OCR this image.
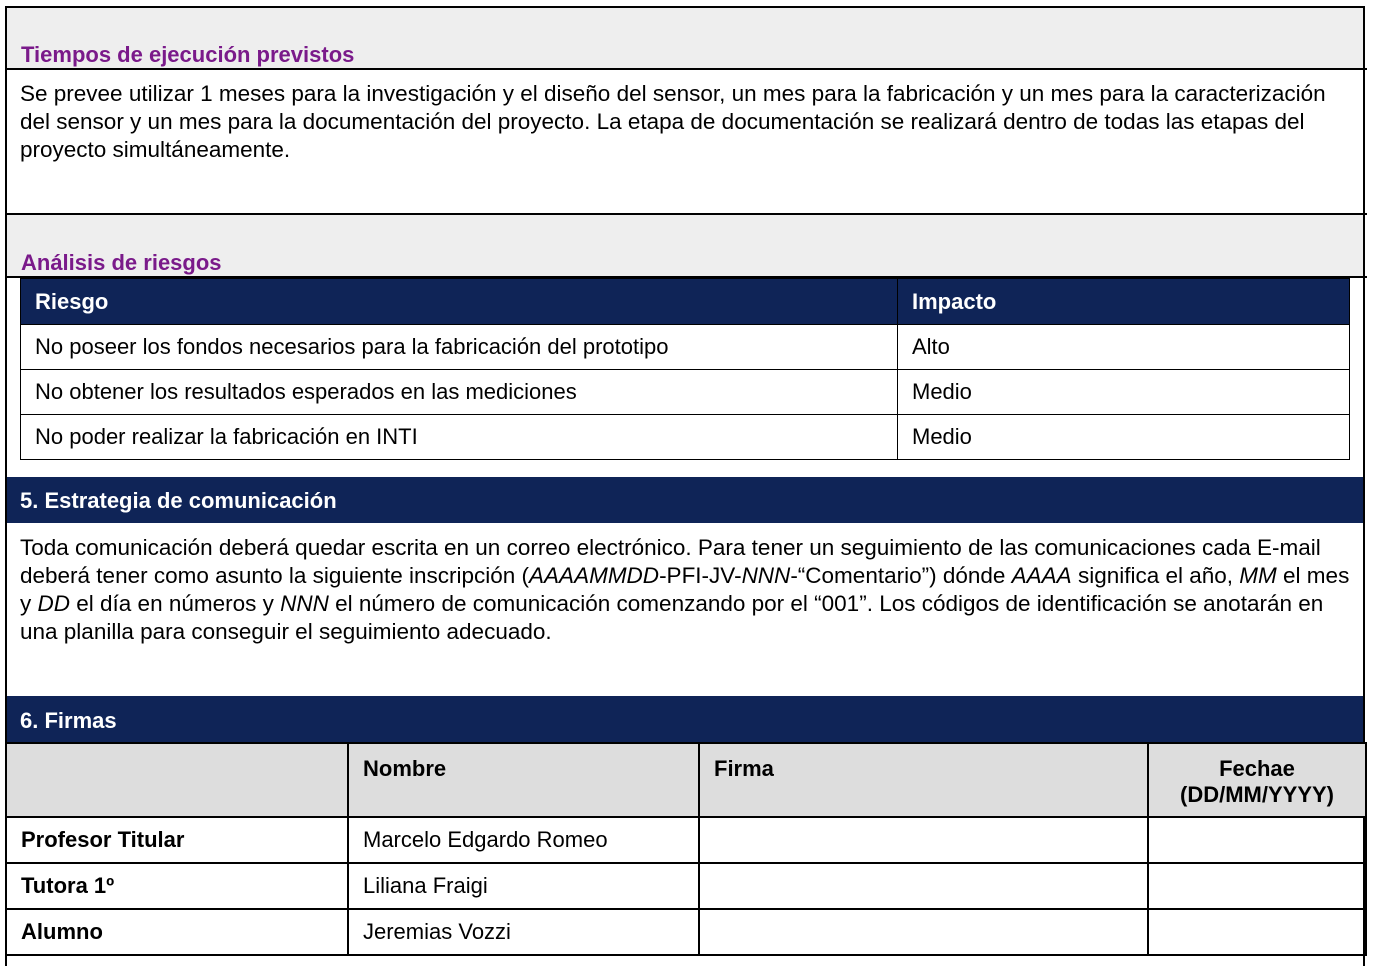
Tiempos de ejecución previstos
Se prevee utilizar 1 meses para la investigación y el diseño del sensor, un mes para la fabricación y un mes para la caracterización del sensor y un mes para la documentación del proyecto. La etapa de documentación se realizará dentro de todas las etapas del proyecto simultáneamente.
Análisis de riesgos
Riesgo	Impacto
No poseer los fondos necesarios para la fabricación del prototipo	Alto
No obtener los resultados esperados en las mediciones	Medio
No poder realizar la fabricación en INTI	Medio
5. Estrategia de comunicación
Toda comunicación deberá quedar escrita en un correo electrónico. Para tener un seguimiento de las comunicaciones cada E-mail deberá tener como asunto la siguiente inscripción (AAAAMMDD-PFI-JV-NNN-“Comentario”) dónde AAAA significa el año, MM el mes y DD el día en números y NNN el número de comunicación comenzando por el “001”. Los códigos de identificación se anotarán en una planilla para conseguir el seguimiento adecuado.
6. Firmas
	Nombre	Firma	Fechae
(DD/MM/YYYY)
Profesor Titular	Marcelo Edgardo Romeo		
Tutora 1º	Liliana Fraigi		
Alumno	Jeremias Vozzi		
